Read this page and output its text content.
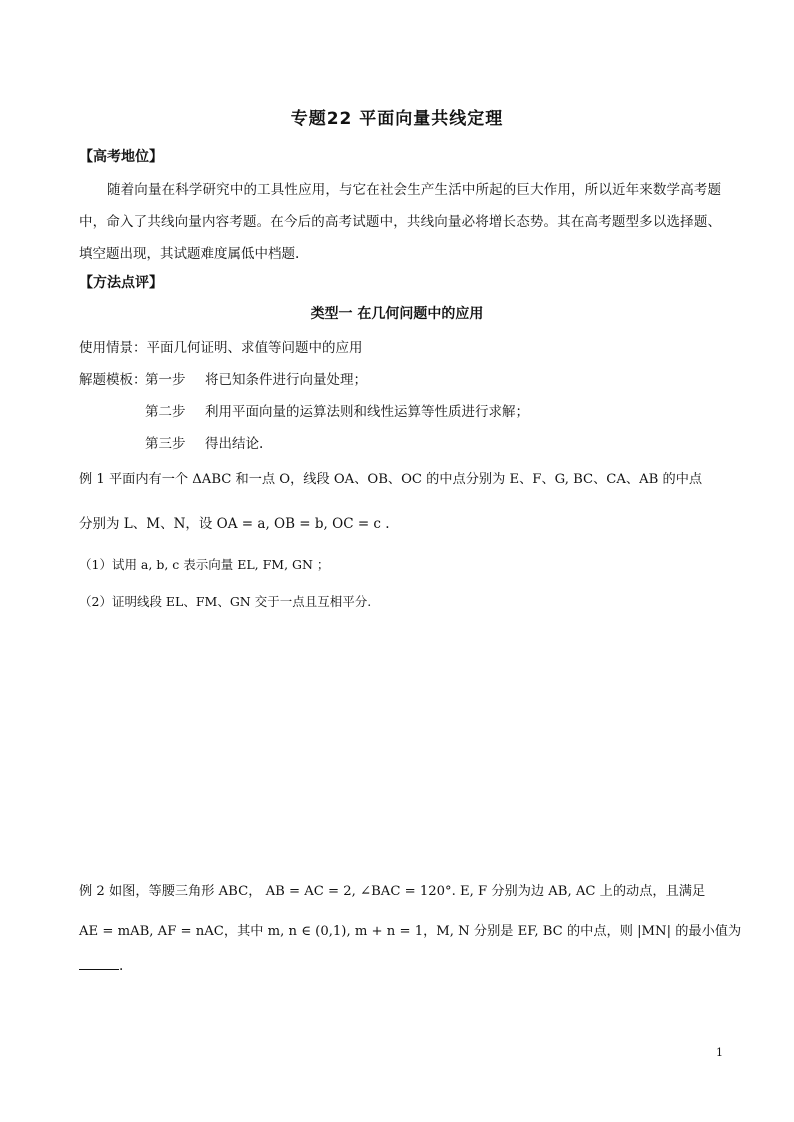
专题22 平面向量共线定理
【高考地位】
随着向量在科学研究中的工具性应用，与它在社会生产生活中所起的巨大作用，所以近年来数学高考题中，命入了共线向量内容考题。在今后的高考试题中，共线向量必将增长态势。其在高考题型多以选择题、填空题出现，其试题难度属低中档题.
【方法点评】
类型一 在几何问题中的应用
使用情景：平面几何证明、求值等问题中的应用
解题模板：
第一步 将已知条件进行向量处理；
第二步 利用平面向量的运算法则和线性运算等性质进行求解；
第三步 得出结论.
例 1 平面内有一个 ΔABC 和一点 O，线段 OA、OB、OC 的中点分别为 E、F、G, BC、CA、AB 的中点
分别为 L、M、N，设 OA = a, OB = b, OC = c .
（1）试用 a, b, c 表示向量 EL, FM, GN ；
（2）证明线段 EL、FM、GN 交于一点且互相平分.
例 2 如图，等腰三角形 ABC， AB = AC = 2, ∠BAC = 120°. E, F 分别为边 AB, AC 上的动点，且满足
AE = mAB, AF = nAC，其中 m, n ∈ (0,1), m + n = 1，M, N 分别是 EF, BC 的中点，则 |MN| 的最小值为
.
1
